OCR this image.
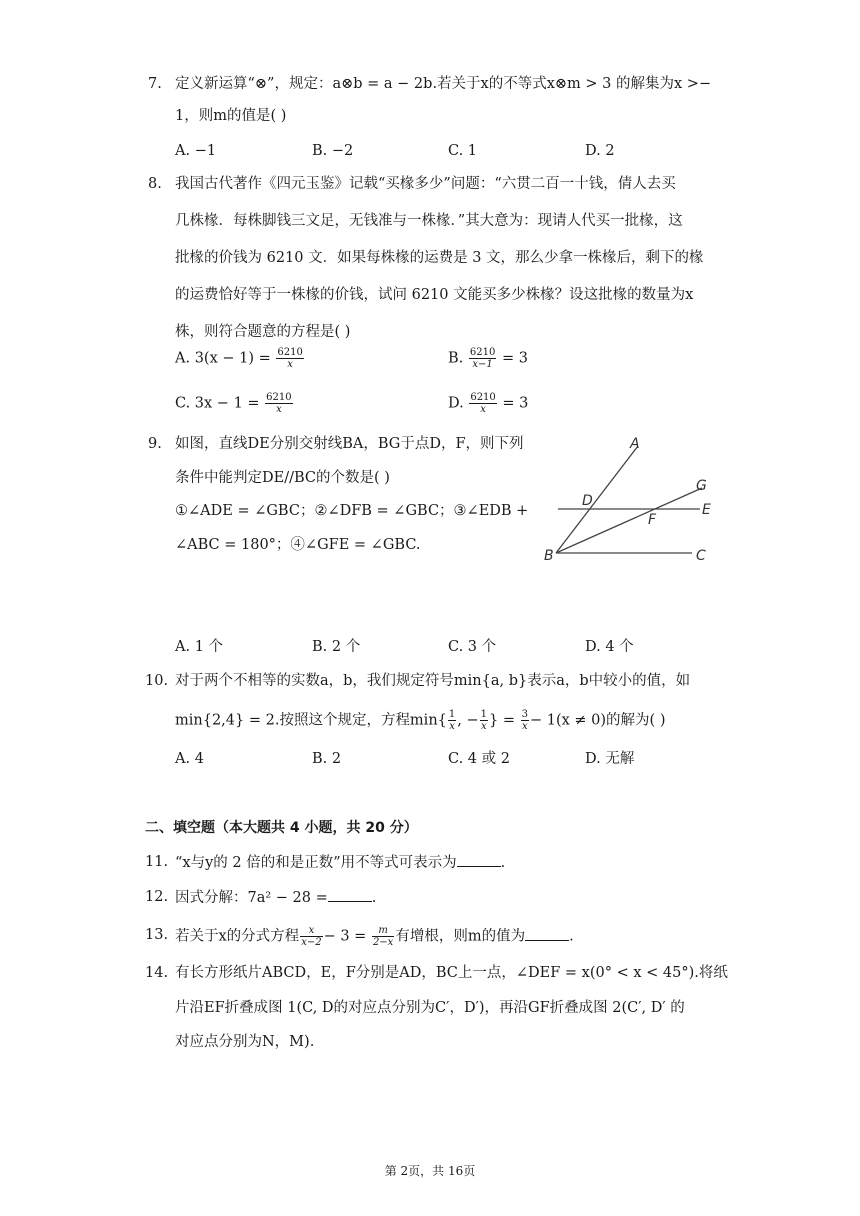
7. 定义新运算“⊗”，规定：a⊗b = a − 2b.若关于x的不等式x⊗m > 3 的解集为x >−
1，则m的值是( )
A. −1	B. −2	C. 1	D. 2
8. 我国古代著作《四元玉鉴》记载“买椽多少”问题：“六贯二百一十钱，倩人去买
几株椽．每株脚钱三文足，无钱准与一株椽．”其大意为：现请人代买一批椽，这
批椽的价钱为 6210 文．如果每株椽的运费是 3 文，那么少拿一株椽后，剩下的椽
的运费恰好等于一株椽的价钱，试问 6210 文能买多少株椽？设这批椽的数量为x
株，则符合题意的方程是( )
A. $3(x - 1) = \frac{6210}{x}$	B. $\frac{6210}{x-1} = 3$
C. $3x - 1 = \frac{6210}{x}$	D. $\frac{6210}{x} = 3$
9. 如图，直线DE分别交射线BA，BG于点D，F，则下列
条件中能判定DE//BC的个数是( )
①∠ADE = ∠GBC；②∠DFB = ∠GBC；③∠EDB +
∠ABC = 180°；④∠GFE = ∠GBC.
A
D
G
E
F
B	C
A. 1 个	B. 2 个	C. 3 个	D. 4 个
10. 对于两个不相等的实数a，b，我们规定符号min{a, b}表示a，b中较小的值，如
min{2,4} = 2.按照这个规定，方程$\min\{ \frac{1}{x}$ , − $\frac{1}{x}$ } = $\frac{3}{x} - 1(x \ne 0)$的解为( )
A. 4	B. 2	C. 4 或 2	D. 无解
二、填空题（本大题共 4 小题，共 20 分）
11. “x与y的 2 倍的和是正数”用不等式可表示为	.
12. 因式分解：7a² − 28 =	.
13. 若关于x的分式方程 $\frac{x}{x-2} - 3 = \frac{m}{2-x}$ 有增根，则m的值为	.
14. 有长方形纸片ABCD，E，F分别是AD，BC上一点，∠DEF = x(0° < x < 45°).将纸
片沿EF折叠成图 1(C, D的对应点分别为C′，D′)，再沿GF折叠成图 2(C′, D′ 的
对应点分别为N，M).
第 2页，共 16页
